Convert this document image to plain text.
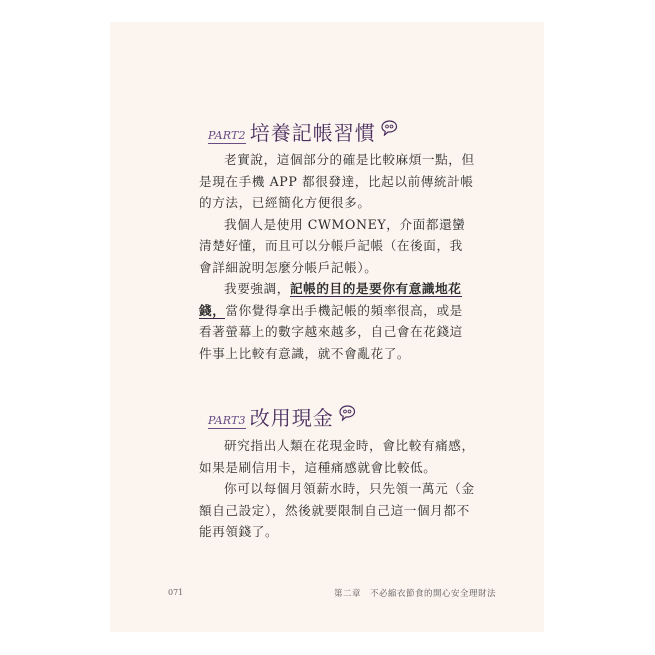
PART2 培養記帳習慣

老實說，這個部分的確是比較麻煩一點，但是現在手機 APP 都很發達，比起以前傳統計帳的方法，已經簡化方便很多。

我個人是使用 CWMONEY，介面都還蠻清楚好懂，而且可以分帳戶記帳（在後面，我會詳細說明怎麼分帳戶記帳）。

我要強調，記帳的目的是要你有意識地花錢，當你覺得拿出手機記帳的頻率很高，或是看著螢幕上的數字越來越多，自己會在花錢這件事上比較有意識，就不會亂花了。

PART3 改用現金

研究指出人類在花現金時，會比較有痛感，如果是刷信用卡，這種痛感就會比較低。

你可以每個月領薪水時，只先領一萬元（金額自己設定），然後就要限制自己這一個月都不能再領錢了。

071	第二章　不必縮衣節食的開心安全理財法
